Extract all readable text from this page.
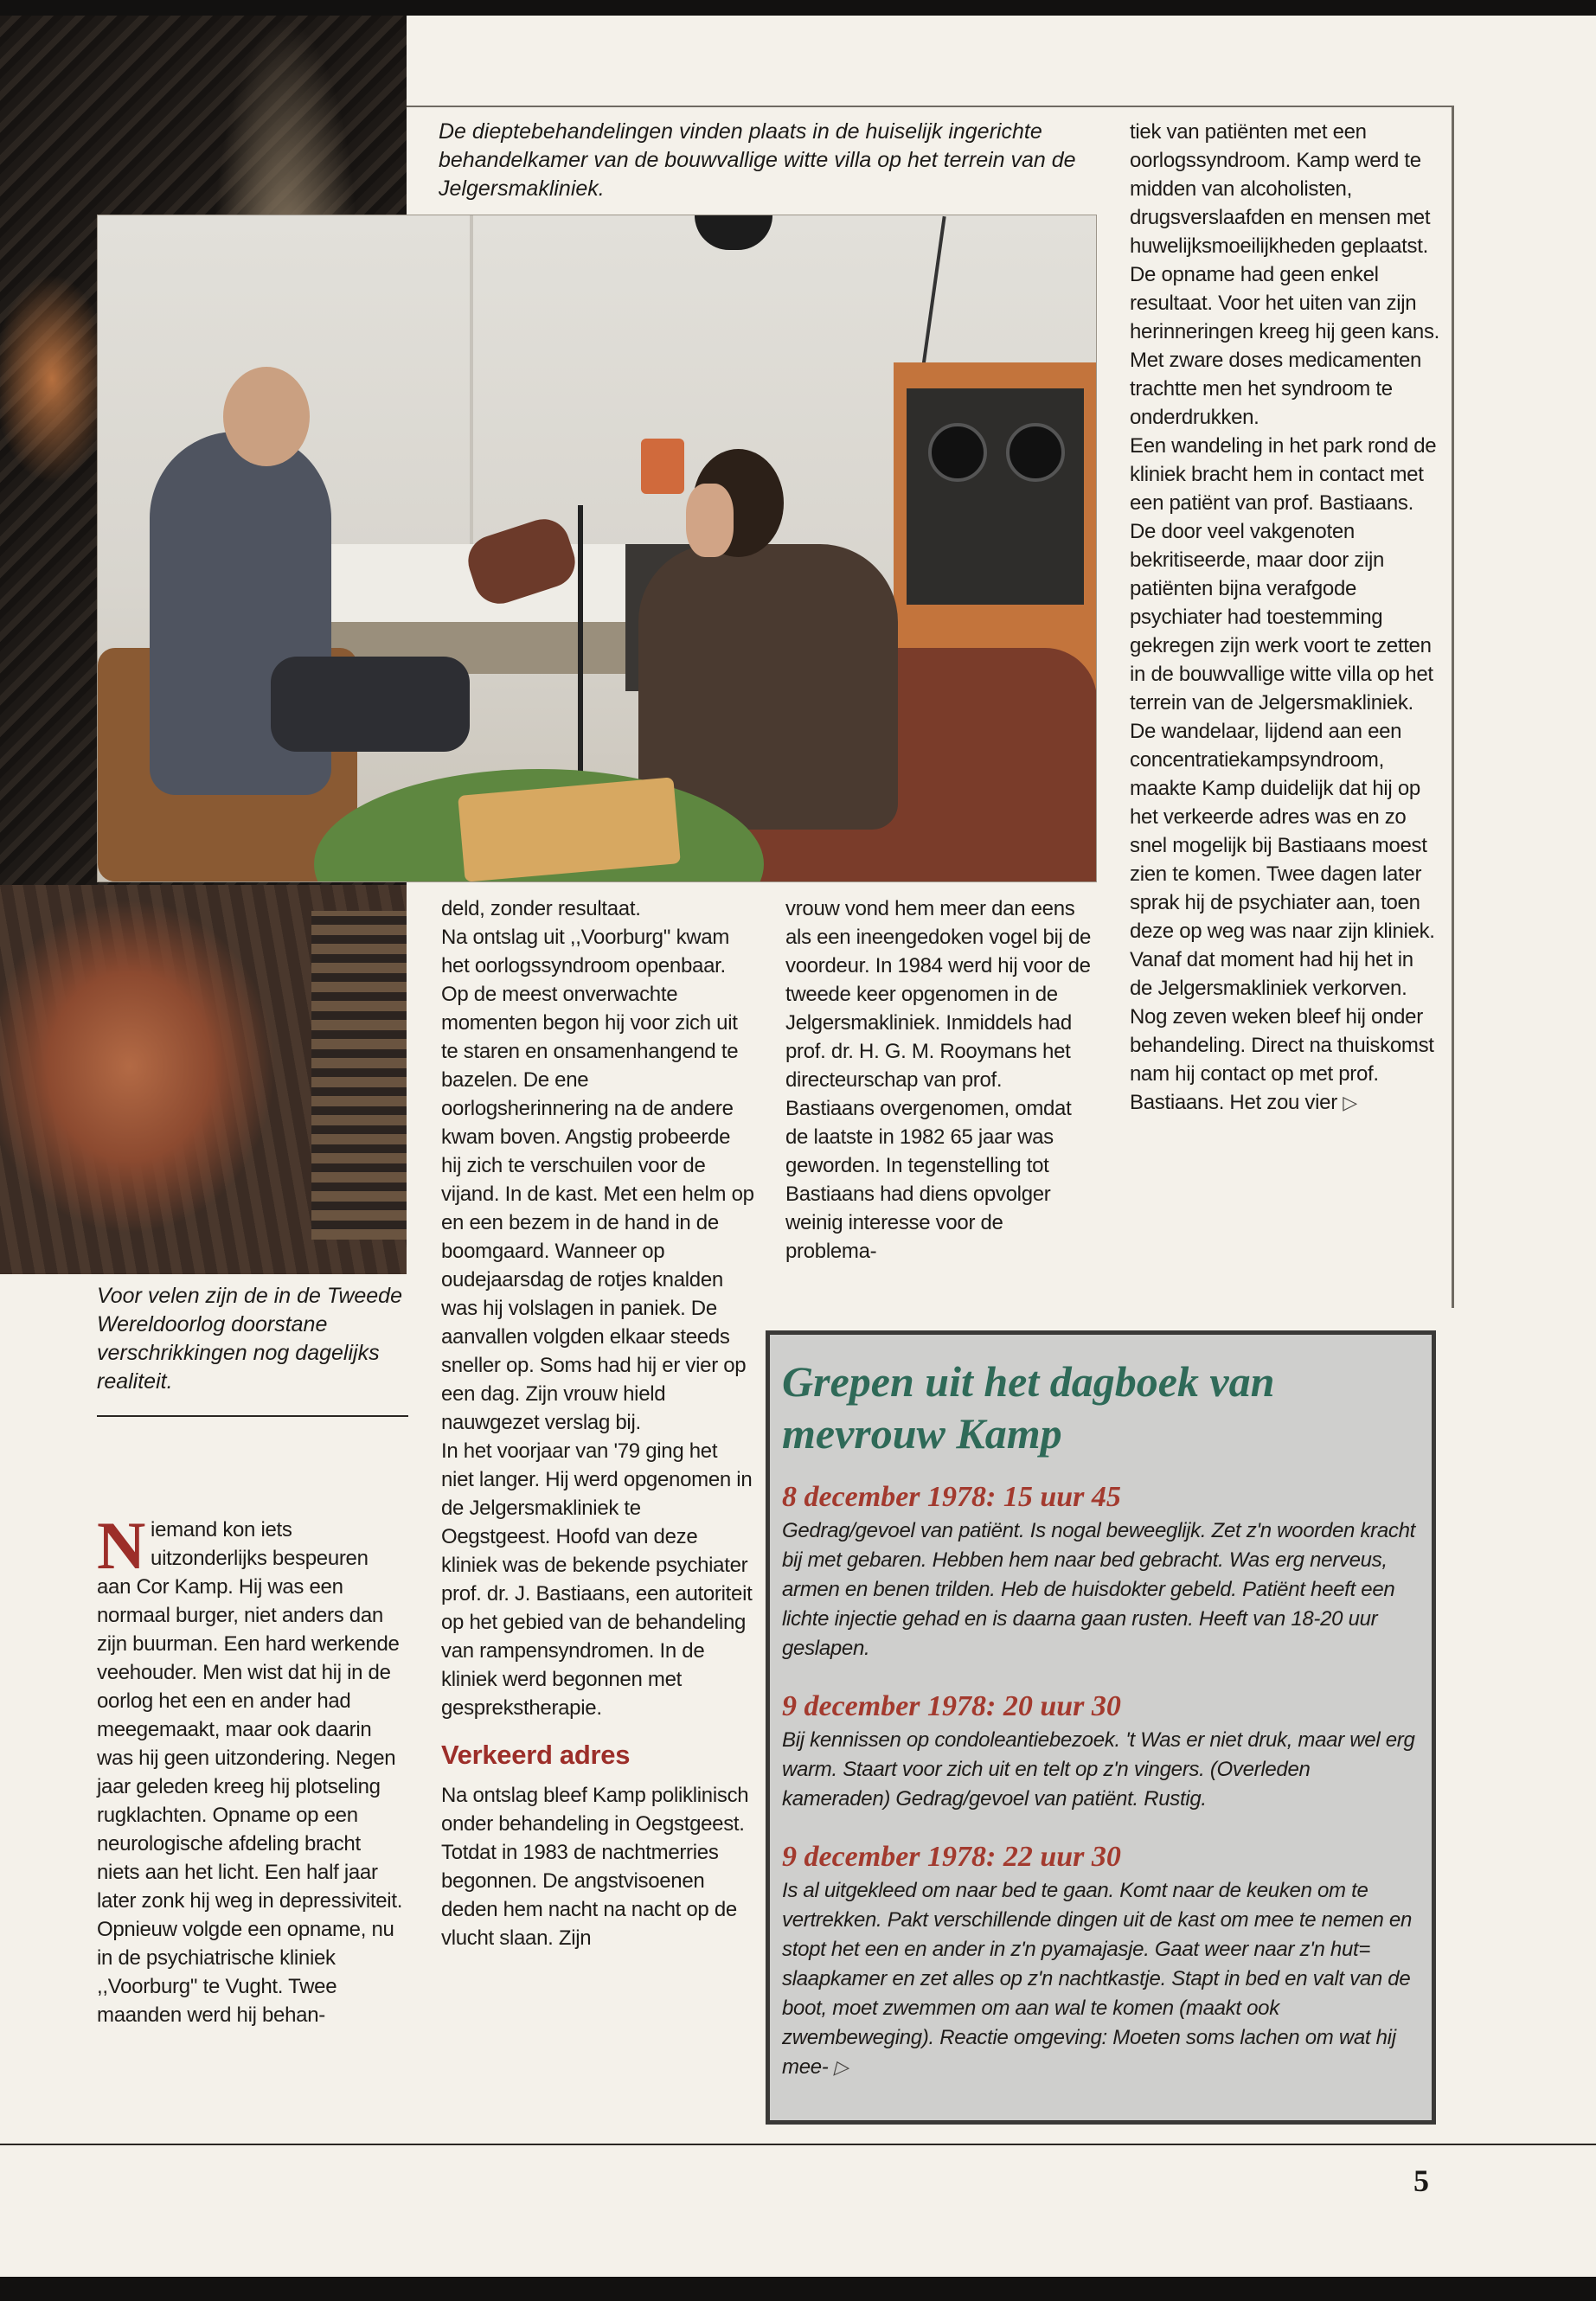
De dieptebehandelingen vinden plaats in de huiselijk ingerichte behandelkamer van de bouwvallige witte villa op het terrein van de Jelgersmakliniek.
Voor velen zijn de in de Tweede Wereldoorlog doorstane verschrikkingen nog dagelijks realiteit.

Niemand kon iets uitzonderlijks bespeuren aan Cor Kamp. Hij was een normaal burger, niet anders dan zijn buurman. Een hard werkende veehouder. Men wist dat hij in de oorlog het een en ander had meegemaakt, maar ook daarin was hij geen uitzondering. Negen jaar geleden kreeg hij plotseling rugklachten. Opname op een neurologische afdeling bracht niets aan het licht. Een half jaar later zonk hij weg in depressiviteit. Opnieuw volgde een opname, nu in de psychiatrische kliniek ,,Voorburg'' te Vught. Twee maanden werd hij behan-

deld, zonder resultaat.

Na ontslag uit ,,Voorburg'' kwam het oorlogssyndroom openbaar. Op de meest onverwachte momenten begon hij voor zich uit te staren en onsamenhangend te bazelen. De ene oorlogsherinnering na de andere kwam boven. Angstig probeerde hij zich te verschuilen voor de vijand. In de kast. Met een helm op en een bezem in de hand in de boomgaard. Wanneer op oudejaarsdag de rotjes knalden was hij volslagen in paniek. De aanvallen volgden elkaar steeds sneller op. Soms had hij er vier op een dag. Zijn vrouw hield nauwgezet verslag bij.

In het voorjaar van '79 ging het niet langer. Hij werd opgenomen in de Jelgersmakliniek te Oegstgeest. Hoofd van deze kliniek was de bekende psychiater prof. dr. J. Bastiaans, een autoriteit op het gebied van de behandeling van rampensyndromen. In de kliniek werd begonnen met gesprekstherapie.

Verkeerd adres

Na ontslag bleef Kamp poliklinisch onder behandeling in Oegstgeest. Totdat in 1983 de nachtmerries begonnen. De angstvisoenen deden hem nacht na nacht op de vlucht slaan. Zijn

vrouw vond hem meer dan eens als een ineengedoken vogel bij de voordeur. In 1984 werd hij voor de tweede keer opgenomen in de Jelgersmakliniek. Inmiddels had prof. dr. H. G. M. Rooymans het directeurschap van prof. Bastiaans overgenomen, omdat de laatste in 1982 65 jaar was geworden. In tegenstelling tot Bastiaans had diens opvolger weinig interesse voor de problema-

tiek van patiënten met een oorlogssyndroom. Kamp werd te midden van alcoholisten, drugsverslaafden en mensen met huwelijksmoeilijkheden geplaatst. De opname had geen enkel resultaat. Voor het uiten van zijn herinneringen kreeg hij geen kans. Met zware doses medicamenten trachtte men het syndroom te onderdrukken.

Een wandeling in het park rond de kliniek bracht hem in contact met een patiënt van prof. Bastiaans. De door veel vakgenoten bekritiseerde, maar door zijn patiënten bijna verafgode psychiater had toestemming gekregen zijn werk voort te zetten in de bouwvallige witte villa op het terrein van de Jelgersmakliniek. De wandelaar, lijdend aan een concentratiekampsyndroom, maakte Kamp duidelijk dat hij op het verkeerde adres was en zo snel mogelijk bij Bastiaans moest zien te komen. Twee dagen later sprak hij de psychiater aan, toen deze op weg was naar zijn kliniek. Vanaf dat moment had hij het in de Jelgersmakliniek verkorven. Nog zeven weken bleef hij onder behandeling. Direct na thuiskomst nam hij contact op met prof. Bastiaans. Het zou vier ▷

Grepen uit het dagboek van mevrouw Kamp
8 december 1978: 15 uur 45
Gedrag/gevoel van patiënt. Is nogal beweeglijk. Zet z'n woorden kracht bij met gebaren. Hebben hem naar bed gebracht. Was erg nerveus, armen en benen trilden. Heb de huisdokter gebeld. Patiënt heeft een lichte injectie gehad en is daarna gaan rusten. Heeft van 18-20 uur geslapen.
9 december 1978: 20 uur 30
Bij kennissen op condoleantiebezoek. 't Was er niet druk, maar wel erg warm. Staart voor zich uit en telt op z'n vingers. (Overleden kameraden) Gedrag/gevoel van patiënt. Rustig.
9 december 1978: 22 uur 30
Is al uitgekleed om naar bed te gaan. Komt naar de keuken om te vertrekken. Pakt verschillende dingen uit de kast om mee te nemen en stopt het een en ander in z'n pyamajasje. Gaat weer naar z'n hut= slaapkamer en zet alles op z'n nachtkastje. Stapt in bed en valt van de boot, moet zwemmen om aan wal te komen (maakt ook zwembeweging). Reactie omgeving: Moeten soms lachen om wat hij mee- ▷
5
